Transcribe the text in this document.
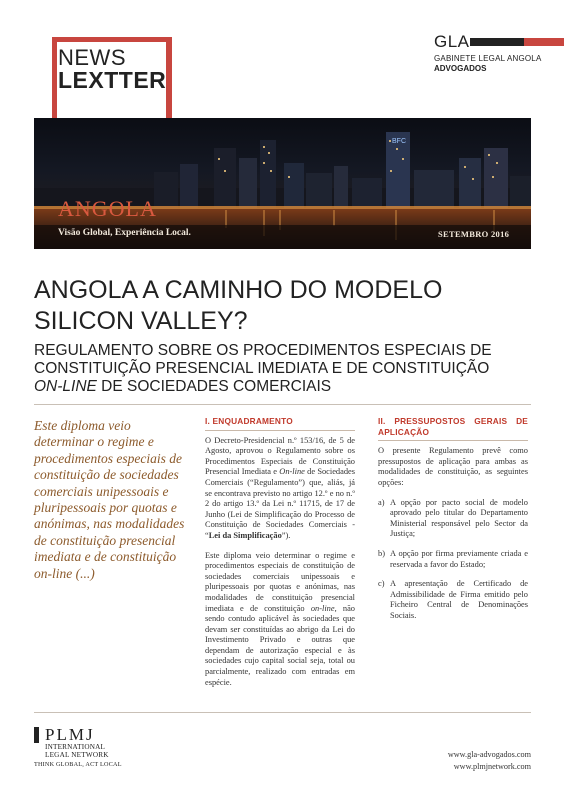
NEWS
LEXTTER
GLA
GABINETE LEGAL ANGOLA
ADVOGADOS
BFC
ANGOLA
Visão Global, Experiência Local.	SETEMBRO 2016
ANGOLA A CAMINHO DO MODELO
SILICON VALLEY?
REGULAMENTO SOBRE OS PROCEDIMENTOS ESPECIAIS DE
CONSTITUIÇÃO PRESENCIAL IMEDIATA E DE CONSTITUIÇÃO
ON-LINE DE SOCIEDADES COMERCIAIS
Este diploma veio determinar o regime e procedimentos especiais de constituição de sociedades comerciais unipessoais e pluripessoais por quotas e anónimas, nas modalidades de constituição presencial imediata e de constituição on-line (...)
I. ENQUADRAMENTO

O Decreto-Presidencial n.º 153/16, de 5 de Agosto, aprovou o Regulamento sobre os Procedimentos Especiais de Constituição Presencial Imediata e On-line de Sociedades Comerciais (“Regulamento”) que, aliás, já se encontrava previsto no artigo 12.º e no n.º 2 do artigo 13.º da Lei n.º 11715, de 17 de Junho (Lei de Simplificação do Processo de Constituição de Sociedades Comerciais - “Lei da Simplificação”).

Este diploma veio determinar o regime e procedimentos especiais de constituição de sociedades comerciais unipessoais e pluripessoais por quotas e anónimas, nas modalidades de constituição presencial imediata e de constituição on-line, não sendo contudo aplicável às sociedades que devam ser constituídas ao abrigo da Lei do Investimento Privado e outras que dependam de autorização especial e às sociedades cujo capital social seja, total ou parcialmente, realizado com entradas em espécie.

II. PRESSUPOSTOS GERAIS DE APLICAÇÃO

O presente Regulamento prevê como pressupostos de aplicação para ambas as modalidades de constituição, as seguintes opções:

a) A opção por pacto social de modelo aprovado pelo titular do Departamento Ministerial responsável pelo Sector da Justiça;
b) A opção por firma previamente criada e reservada a favor do Estado;
c) A apresentação de Certificado de Admissibilidade de Firma emitido pelo Ficheiro Central de Denominações Sociais.
PLMJ
INTERNATIONAL
LEGAL NETWORK
THINK GLOBAL, ACT LOCAL
www.gla-advogados.com
www.plmjnetwork.com
